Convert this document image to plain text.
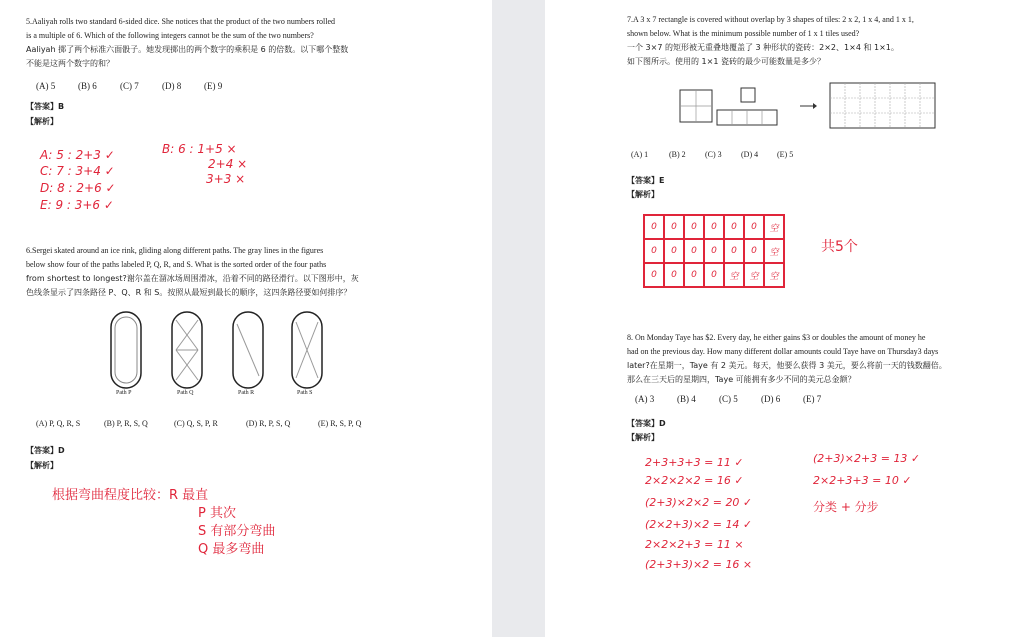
5.Aaliyah rolls two standard 6-sided dice. She notices that the product of the two numbers rolled
is a multiple of 6. Which of the following integers cannot be the sum of the two numbers?
Aaliyah 掷了两个标准六面骰子。她发现掷出的两个数字的乘积是 6 的倍数。以下哪个整数
不能是这两个数字的和？
(A) 5	(B) 6	(C) 7	(D) 8	(E) 9
【答案】B
【解析】
A: 5 : 2+3 ✓
C: 7 : 3+4 ✓
D: 8 : 2+6 ✓
E: 9 : 3+6 ✓
B: 6 : 1+5 ×
2+4 ×
3+3 ×
6.Sergei skated around an ice rink, gliding along different paths. The gray lines in the figures
below show four of the paths labeled P, Q, R, and S. What is the sorted order of the four paths
from shortest to longest?谢尔盖在溜冰场周围滑冰，沿着不同的路径滑行。以下图形中，灰
色线条显示了四条路径 P、Q、R 和 S。按照从最短到最长的顺序，这四条路径要如何排序？
Path P	Path Q	Path R	Path S
(A) P, Q, R, S	(B) P, R, S, Q	(C) Q, S, P, R	(D) R, P, S, Q	(E) R, S, P, Q
【答案】D
【解析】
根据弯曲程度比较：R 最直
P 其次
S 有部分弯曲
Q 最多弯曲
7.A 3 x 7 rectangle is covered without overlap by 3 shapes of tiles: 2 x 2, 1 x 4, and 1 x 1,
shown below. What is the minimum possible number of 1 x 1 tiles used?
一个 3×7 的矩形被无重叠地覆盖了 3 种形状的瓷砖：2×2、1×4 和 1×1。
如下图所示。使用的 1×1 瓷砖的最少可能数量是多少？
(A) 1	(B) 2 (C) 3 (D) 4 (E) 5
【答案】E
【解析】
0	0	0	0	0	0	空
0	0	0	0	0	0	空
0	0	0	0	空	空	空
共5个
8. On Monday Taye has $2. Every day, he either gains $3 or doubles the amount of money he
had on the previous day. How many different dollar amounts could Taye have on Thursday3 days
later?在星期一，Taye 有 2 美元。每天，他要么获得 3 美元，要么将前一天的钱数翻倍。
那么在三天后的星期四，Taye 可能拥有多少不同的美元总金额？
(A) 3	(B) 4	(C) 5	(D) 6	(E) 7
【答案】D
【解析】
2+3+3+3 = 11 ✓
2×2×2×2 = 16 ✓
(2+3)×2×2 = 20 ✓
(2×2+3)×2 = 14 ✓
2×2×2+3 = 11 ×
(2+3+3)×2 = 16 ×
(2+3)×2+3 = 13 ✓
2×2+3+3 = 10 ✓
分类 + 分步
